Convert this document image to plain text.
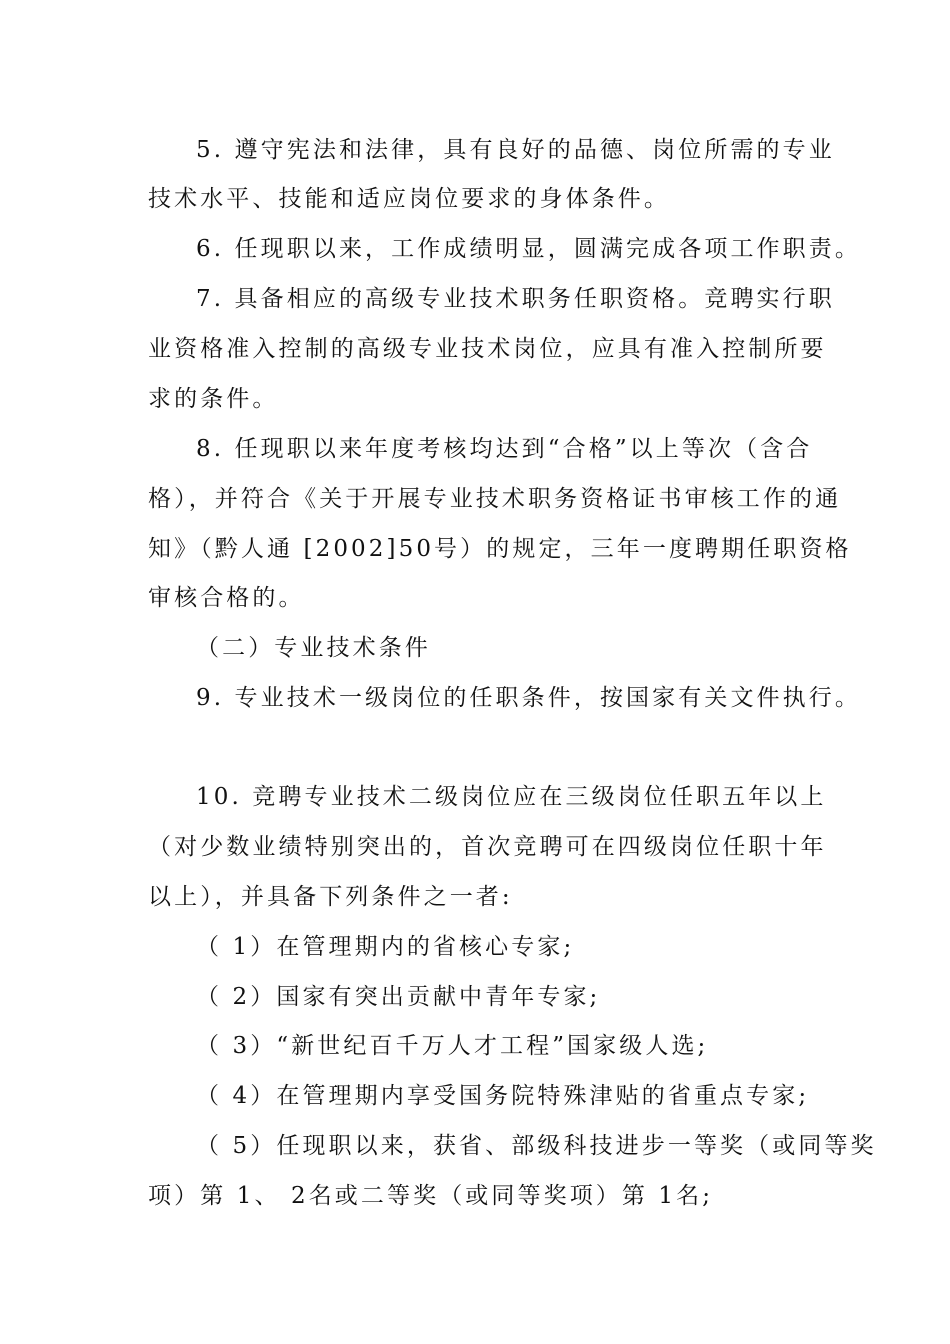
5. 遵守宪法和法律，具有良好的品德、岗位所需的专业
技术水平、技能和适应岗位要求的身体条件。
6. 任现职以来，工作成绩明显，圆满完成各项工作职责。
7. 具备相应的高级专业技术职务任职资格。竞聘实行职
业资格准入控制的高级专业技术岗位，应具有准入控制所要
求的条件。
8. 任现职以来年度考核均达到“合格”以上等次（含合
格），并符合《关于开展专业技术职务资格证书审核工作的通
知》（黔人通 [2002]50号）的规定，三年一度聘期任职资格
审核合格的。
（二）专业技术条件
9. 专业技术一级岗位的任职条件，按国家有关文件执行。
10. 竞聘专业技术二级岗位应在三级岗位任职五年以上
（对少数业绩特别突出的，首次竞聘可在四级岗位任职十年
以上），并具备下列条件之一者:
（ 1）在管理期内的省核心专家;
（ 2）国家有突出贡献中青年专家;
（ 3）“新世纪百千万人才工程”国家级人选;
（ 4）在管理期内享受国务院特殊津贴的省重点专家;
（ 5）任现职以来，获省、部级科技进步一等奖（或同等奖
项）第 1、 2名或二等奖（或同等奖项）第 1名;
